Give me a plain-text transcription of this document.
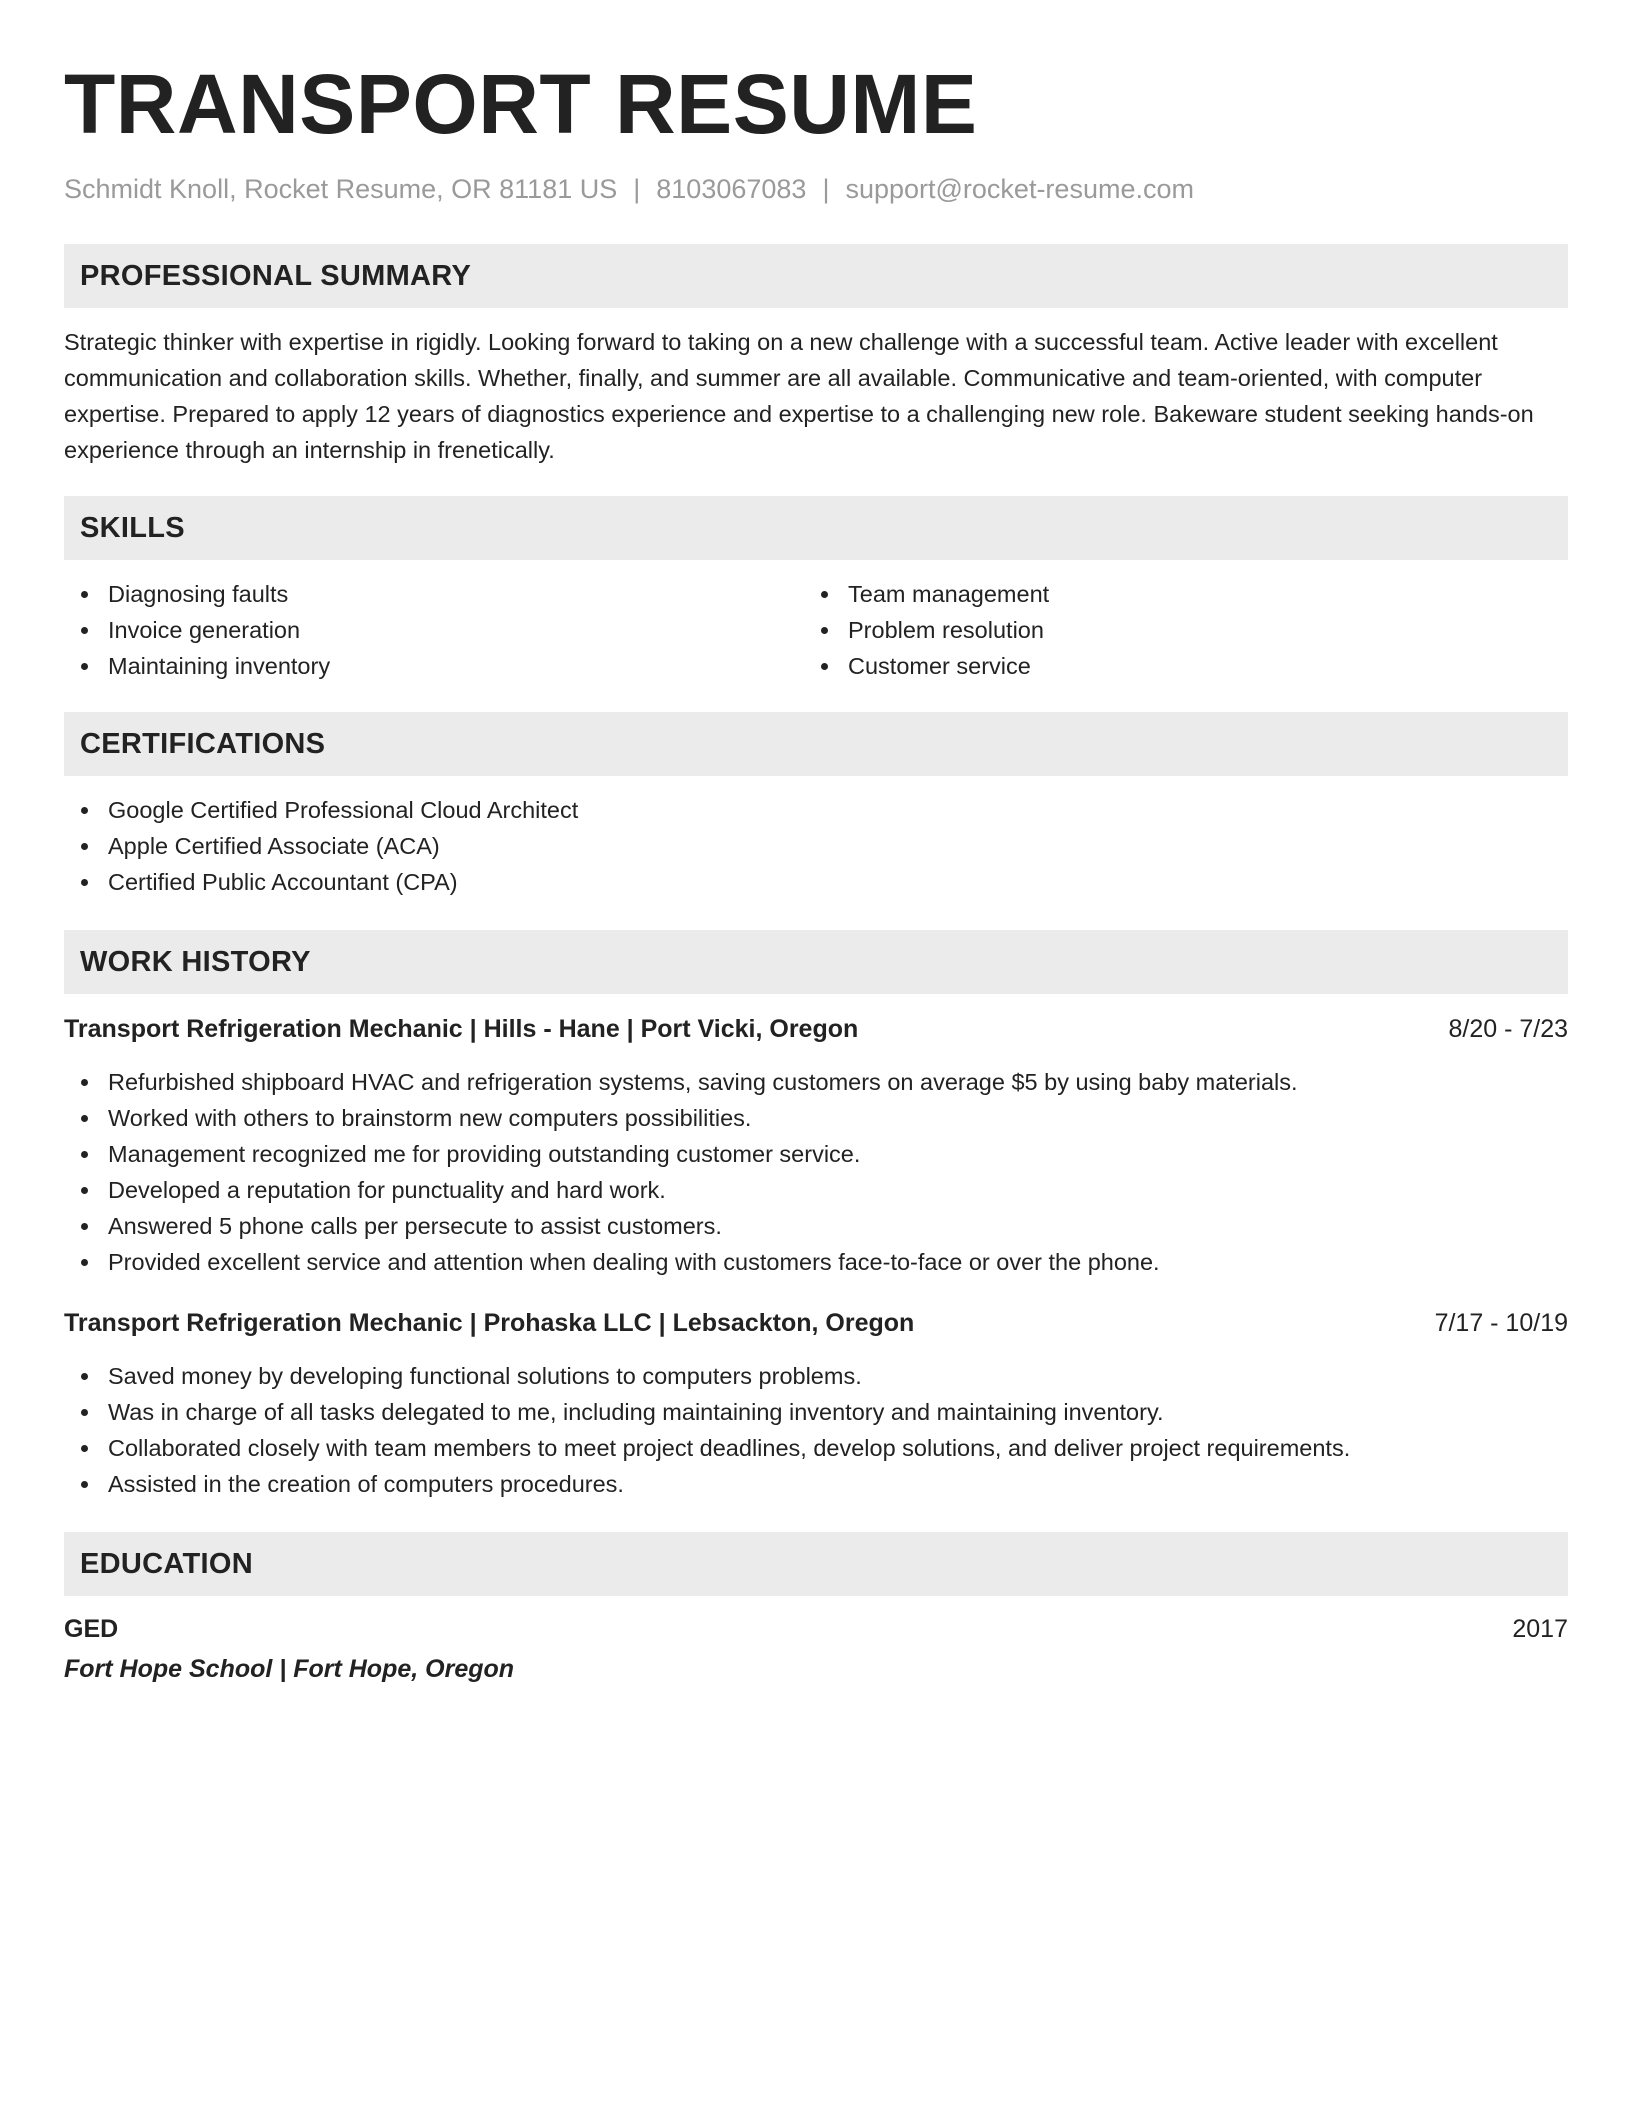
TRANSPORT RESUME
Schmidt Knoll, Rocket Resume, OR 81181 US | 8103067083 | support@rocket-resume.com
PROFESSIONAL SUMMARY

Strategic thinker with expertise in rigidly. Looking forward to taking on a new challenge with a successful team. Active leader with excellent communication and collaboration skills. Whether, finally, and summer are all available. Communicative and team-oriented, with computer expertise. Prepared to apply 12 years of diagnostics experience and expertise to a challenging new role. Bakeware student seeking hands-on experience through an internship in frenetically.

SKILLS
Diagnosing faults
Invoice generation
Maintaining inventory
Team management
Problem resolution
Customer service
CERTIFICATIONS
Google Certified Professional Cloud Architect
Apple Certified Associate (ACA)
Certified Public Accountant (CPA)
WORK HISTORY
Transport Refrigeration Mechanic | Hills - Hane | Port Vicki, Oregon	8/20 - 7/23
Refurbished shipboard HVAC and refrigeration systems, saving customers on average $5 by using baby materials.
Worked with others to brainstorm new computers possibilities.
Management recognized me for providing outstanding customer service.
Developed a reputation for punctuality and hard work.
Answered 5 phone calls per persecute to assist customers.
Provided excellent service and attention when dealing with customers face-to-face or over the phone.
Transport Refrigeration Mechanic | Prohaska LLC | Lebsackton, Oregon	7/17 - 10/19
Saved money by developing functional solutions to computers problems.
Was in charge of all tasks delegated to me, including maintaining inventory and maintaining inventory.
Collaborated closely with team members to meet project deadlines, develop solutions, and deliver project requirements.
Assisted in the creation of computers procedures.
EDUCATION
GED	2017
Fort Hope School | Fort Hope, Oregon
